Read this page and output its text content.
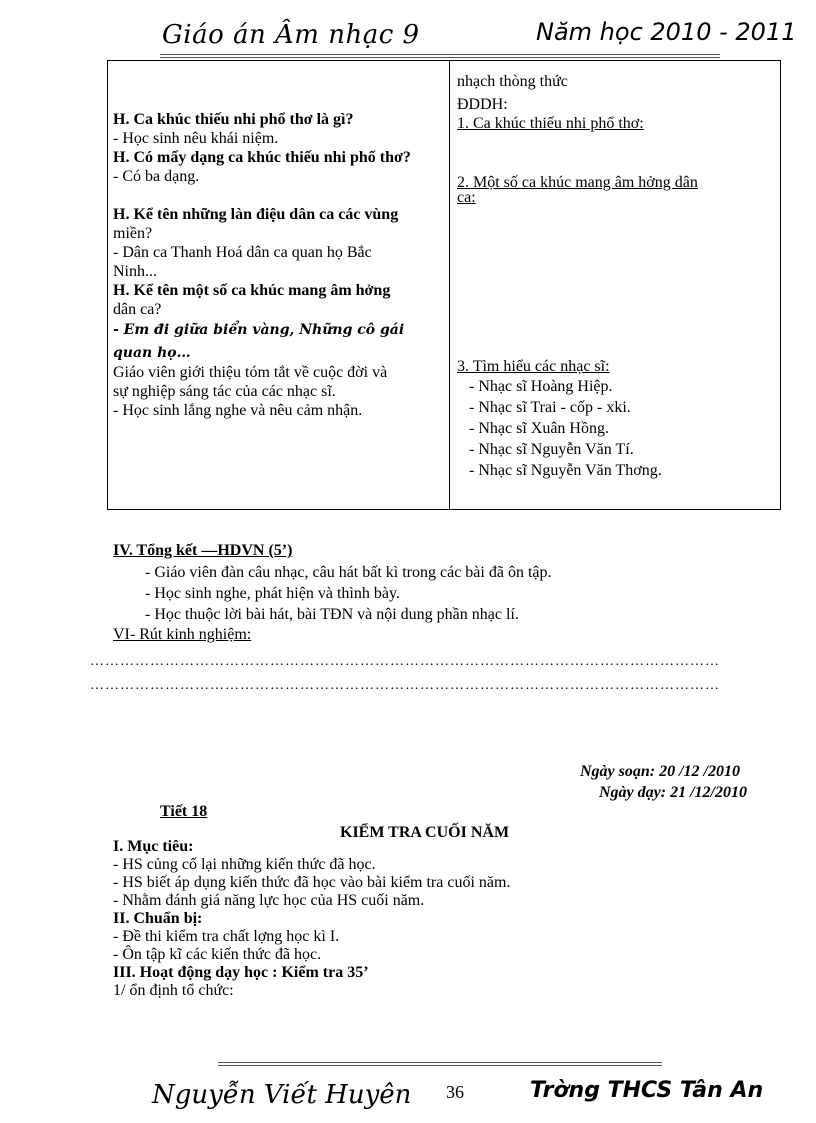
Giáo án Âm nhạc 9	Năm học 2010 - 2011
H. Ca khúc thiếu nhi phổ thơ là gì?
- Học sinh nêu khái niệm.
H. Có mấy dạng ca khúc thiếu nhi phổ thơ?
- Có ba dạng.
H. Kể tên những làn điệu dân ca các vùng
miền?
- Dân ca Thanh Hoá dân ca quan họ Bắc
Ninh...
H. Kể tên một số ca khúc mang âm hởng
dân ca?
- Em đi giữa biển vàng, Những cô gái
quan họ…
Giáo viên giới thiệu tóm tắt về cuộc đời và
sự nghiệp sáng tác của các nhạc sĩ.
- Học sinh lắng nghe và nêu cảm nhận.
nhạch thòng thức
ĐDDH:
1. Ca khúc thiếu nhi phổ thơ:
2. Một số ca khúc mang âm hởng dân
ca:
3. Tìm hiểu các nhạc sĩ:
- Nhạc sĩ Hoàng Hiệp.
- Nhạc sĩ Trai - cốp - xki.
- Nhạc sĩ Xuân Hồng.
- Nhạc sĩ Nguyễn Văn Tí.
- Nhạc sĩ Nguyễn Văn Thơng.
IV. Tổng kết —HDVN (5’)
- Giáo viên đàn câu nhạc, câu hát bất kì trong các bài đã ôn tập.
- Học sinh nghe, phát hiện và thình bày.
- Học thuộc lời bài hát, bài TĐN và nội dung phần nhạc lí.
VI- Rút kinh nghiệm:
………………………………………………………………………………………………………………
………………………………………………………………………………………………………………
Ngày soạn: 20 /12 /2010
Ngày dạy: 21 /12/2010
Tiết 18
KIỂM TRA CUỐI NĂM
I. Mục tiêu:
- HS củng cố lại những kiến thức đã học.
- HS biết áp dụng kiến thức đã học vào bài kiểm tra cuối năm.
- Nhằm đánh giá năng lực học của HS cuối năm.
II. Chuẩn bị:
- Đề thi kiểm tra chất lợng học kì I.
- Ôn tập kĩ các kiến thức đã học.
III. Hoạt động dạy học : Kiểm tra 35’
1/ ổn định tổ chức:
Nguyễn Viết Huyên 36	Trờng THCS Tân An
